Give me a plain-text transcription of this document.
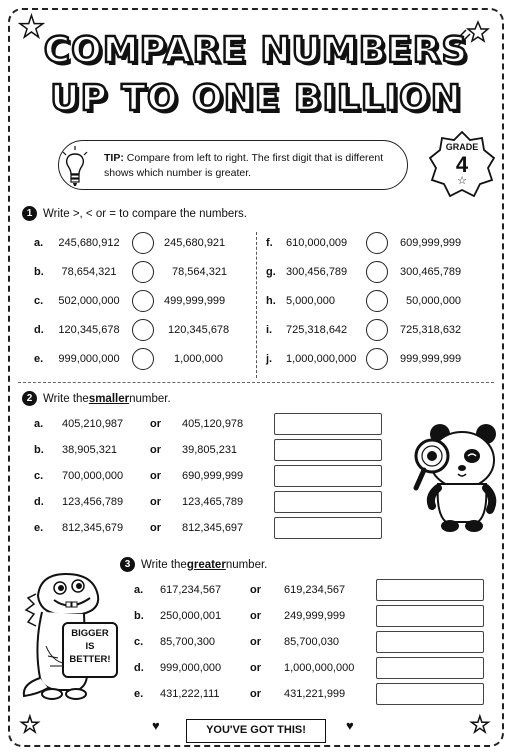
★
★	★
COMPARE NUMBERS
UP TO ONE BILLION
TIP: Compare from left to right. The first digit that is different shows which number is greater.
GRADE
4
☆
1 Write >, < or = to compare the numbers.
a.	245,680,912	245,680,921
b.	78,654,321	78,564,321
c.	502,000,000	499,999,999
d.	120,345,678	120,345,678
e.	999,000,000	1,000,000
f. 610,000,009	609,999,999
g. 300,456,789	300,465,789
h. 5,000,000	50,000,000
i. 725,318,642	725,318,632
j. 1,000,000,000	999,999,999
2 Write the smaller number.
a. 405,210,987 or 405,120,978
b. 38,905,321	or 39,805,231
c. 700,000,000 or 690,999,999
d. 123,456,789 or 123,465,789
e. 812,345,679 or 812,345,697
3 Write the greater number.
a. 617,234,567	or 619,234,567
b. 250,000,001	or 249,999,999
c. 85,700,300	or 85,700,030
d. 999,000,000	or 1,000,000,000
e. 431,222,111	or 431,221,999
BIGGER
IS
BETTER!
♥	YOU'VE GOT THIS!	♥
